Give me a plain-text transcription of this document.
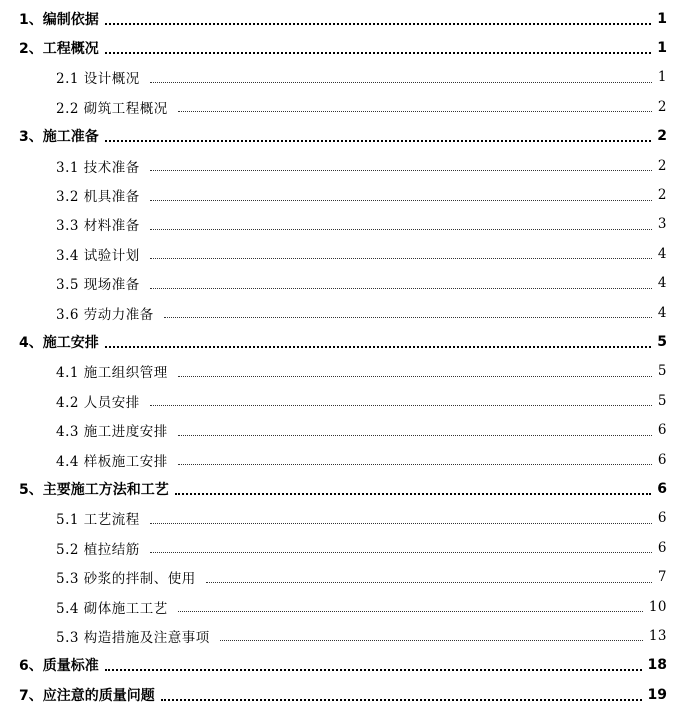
1、编制依据	1
2、工程概况	1
2.1 设计概况	1
2.2 砌筑工程概况	2
3、施工准备	2
3.1 技术准备	2
3.2 机具准备	2
3.3 材料准备	3
3.4 试验计划	4
3.5 现场准备	4
3.6 劳动力准备	4
4、施工安排	5
4.1 施工组织管理	5
4.2 人员安排	5
4.3 施工进度安排	6
4.4 样板施工安排	6
5、主要施工方法和工艺	6
5.1 工艺流程	6
5.2 植拉结筋	6
5.3 砂浆的拌制、使用	7
5.4 砌体施工工艺	10
5.3 构造措施及注意事项	13
6、质量标准	18
7、应注意的质量问题	19
